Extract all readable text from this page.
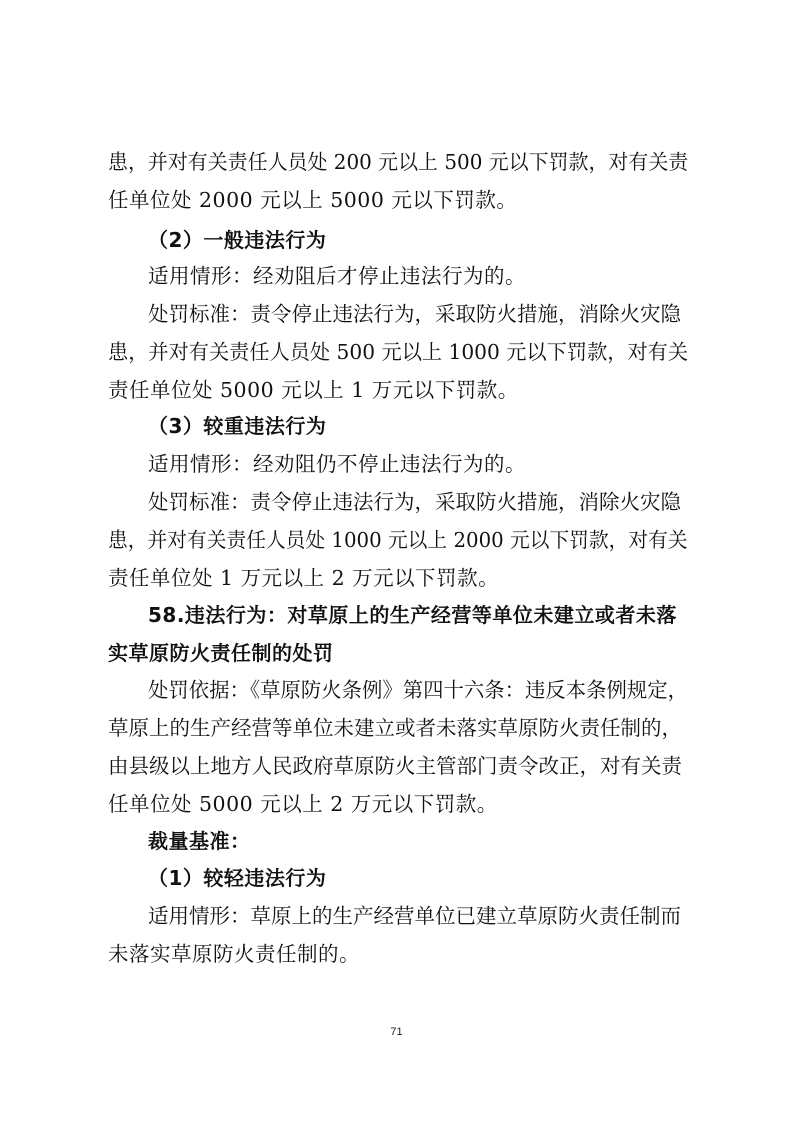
患，并对有关责任人员处 200 元以上 500 元以下罚款，对有关责
任单位处 2000 元以上 5000 元以下罚款。
（2）一般违法行为
适用情形：经劝阻后才停止违法行为的。
处罚标准：责令停止违法行为，采取防火措施，消除火灾隐
患，并对有关责任人员处 500 元以上 1000 元以下罚款，对有关
责任单位处 5000 元以上 1 万元以下罚款。
（3）较重违法行为
适用情形：经劝阻仍不停止违法行为的。
处罚标准：责令停止违法行为，采取防火措施，消除火灾隐
患，并对有关责任人员处 1000 元以上 2000 元以下罚款，对有关
责任单位处 1 万元以上 2 万元以下罚款。
58.违法行为：对草原上的生产经营等单位未建立或者未落
实草原防火责任制的处罚
处罚依据：《草原防火条例》第四十六条：违反本条例规定，
草原上的生产经营等单位未建立或者未落实草原防火责任制的，
由县级以上地方人民政府草原防火主管部门责令改正，对有关责
任单位处 5000 元以上 2 万元以下罚款。
裁量基准：
（1）较轻违法行为
适用情形：草原上的生产经营单位已建立草原防火责任制而
未落实草原防火责任制的。
71
